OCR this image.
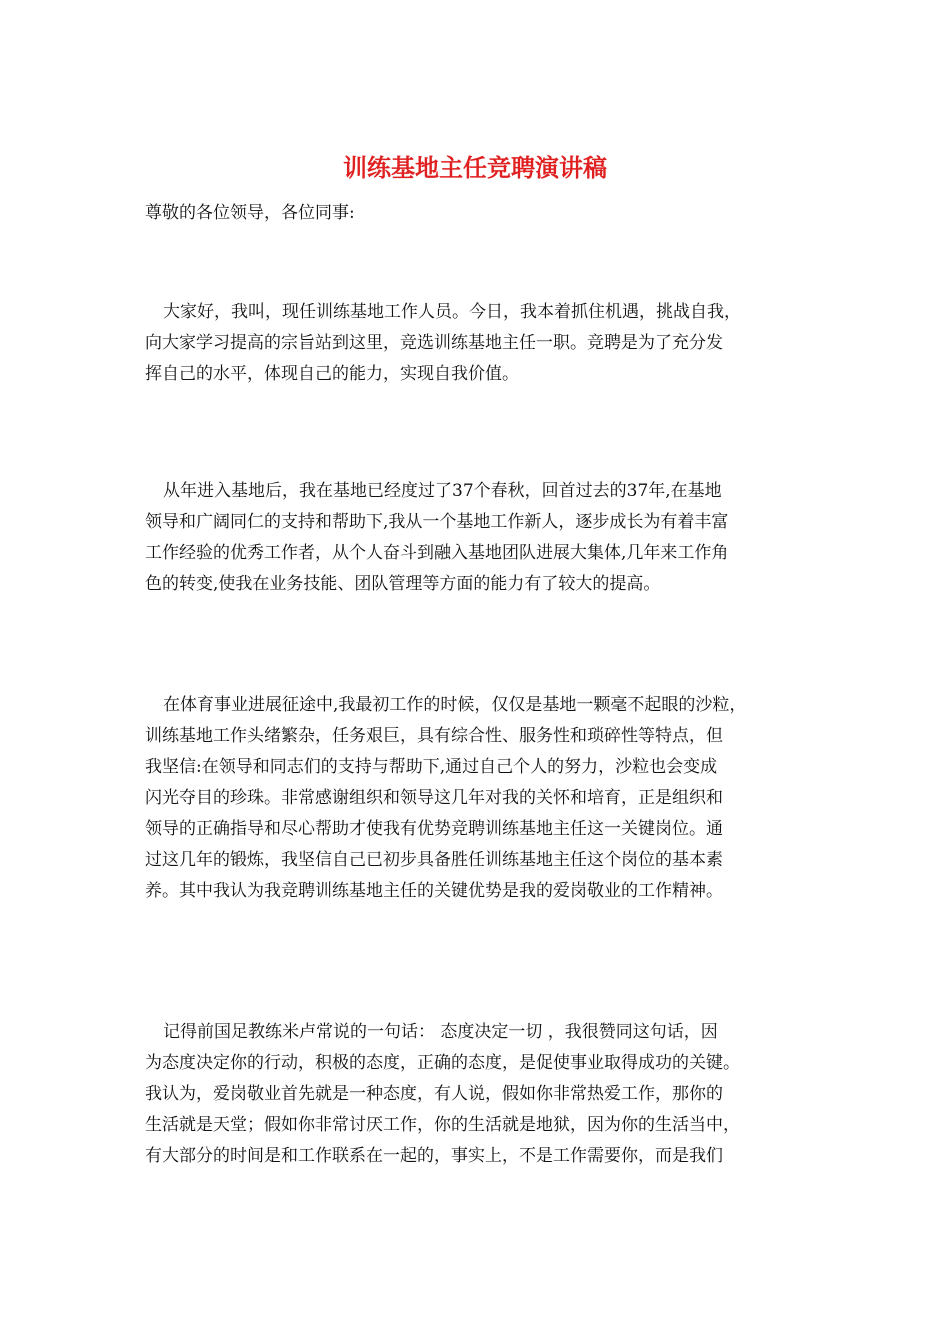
训练基地主任竞聘演讲稿

尊敬的各位领导，各位同事:

大家好，我叫，现任训练基地工作人员。今日，我本着抓住机遇，挑战自我，
向大家学习提高的宗旨站到这里，竞选训练基地主任一职。竞聘是为了充分发
挥自己的水平，体现自己的能力，实现自我价值。
从年进入基地后，我在基地已经度过了37个春秋，回首过去的37年,在基地
领导和广阔同仁的支持和帮助下,我从一个基地工作新人，逐步成长为有着丰富
工作经验的优秀工作者，从个人奋斗到融入基地团队进展大集体,几年来工作角
色的转变,使我在业务技能、团队管理等方面的能力有了较大的提高。
在体育事业进展征途中,我最初工作的时候，仅仅是基地一颗毫不起眼的沙粒，
训练基地工作头绪繁杂，任务艰巨，具有综合性、服务性和琐碎性等特点，但
我坚信:在领导和同志们的支持与帮助下,通过自己个人的努力，沙粒也会变成
闪光夺目的珍珠。非常感谢组织和领导这几年对我的关怀和培育，正是组织和
领导的正确指导和尽心帮助才使我有优势竞聘训练基地主任这一关键岗位。通
过这几年的锻炼，我坚信自己已初步具备胜任训练基地主任这个岗位的基本素
养。其中我认为我竞聘训练基地主任的关键优势是我的爱岗敬业的工作精神。
记得前国足教练米卢常说的一句话： 态度决定一切 ，我很赞同这句话，因
为态度决定你的行动，积极的态度，正确的态度，是促使事业取得成功的关键。
我认为，爱岗敬业首先就是一种态度，有人说，假如你非常热爱工作，那你的
生活就是天堂；假如你非常讨厌工作，你的生活就是地狱，因为你的生活当中，
有大部分的时间是和工作联系在一起的，事实上，不是工作需要你，而是我们
